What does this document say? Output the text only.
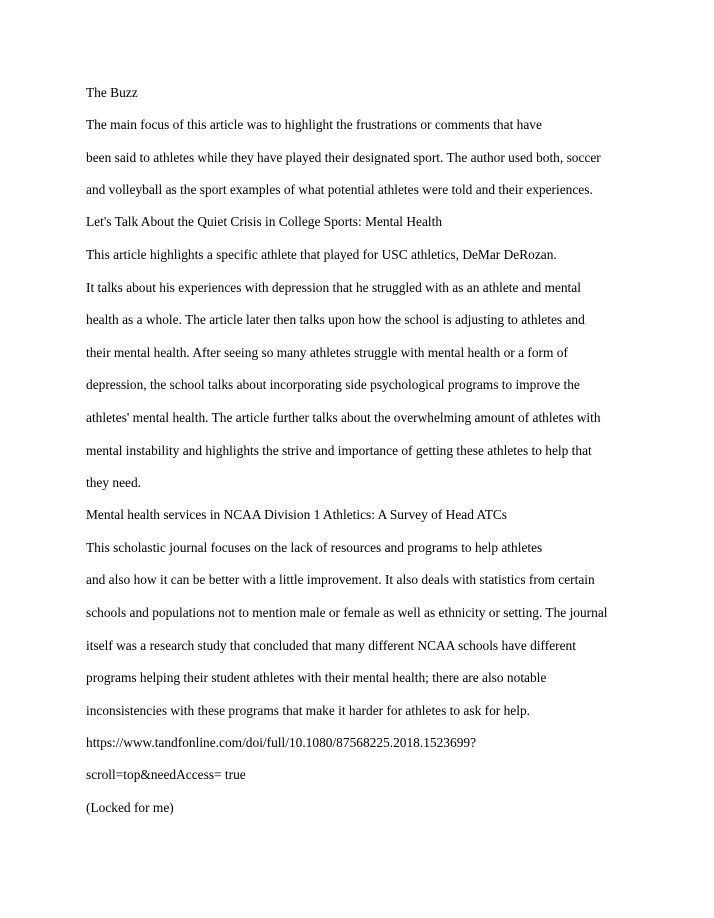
The Buzz
The main focus of this article was to highlight the frustrations or comments that have
been said to athletes while they have played their designated sport. The author used both, soccer
and volleyball as the sport examples of what potential athletes were told and their experiences.
Let's Talk About the Quiet Crisis in College Sports: Mental Health
This article highlights a specific athlete that played for USC athletics, DeMar DeRozan.
It talks about his experiences with depression that he struggled with as an athlete and mental
health as a whole. The article later then talks upon how the school is adjusting to athletes and
their mental health. After seeing so many athletes struggle with mental health or a form of
depression, the school talks about incorporating side psychological programs to improve the
athletes' mental health. The article further talks about the overwhelming amount of athletes with
mental instability and highlights the strive and importance of getting these athletes to help that
they need.
Mental health services in NCAA Division 1 Athletics: A Survey of Head ATCs
This scholastic journal focuses on the lack of resources and programs to help athletes
and also how it can be better with a little improvement. It also deals with statistics from certain
schools and populations not to mention male or female as well as ethnicity or setting. The journal
itself was a research study that concluded that many different NCAA schools have different
programs helping their student athletes with their mental health; there are also notable
inconsistencies with these programs that make it harder for athletes to ask for help.
https://www.tandfonline.com/doi/full/10.1080/87568225.2018.1523699?
scroll=top&needAccess= true
(Locked for me)
